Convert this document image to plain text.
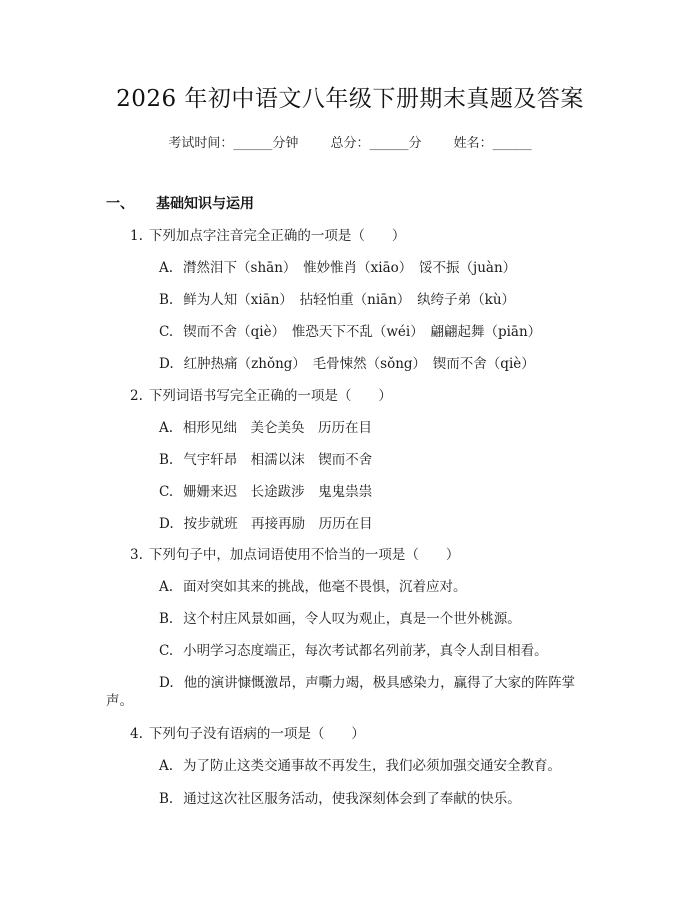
2026 年初中语文八年级下册期末真题及答案
考试时间：______分钟 总分：______分 姓名：______
一、 基础知识与运用
1. 下列加点字注音完全正确的一项是（　　）
A. 潸然泪下（shān）　惟妙惟肖（xiāo）　馁不振（juàn）
B. 鲜为人知（xiān）　拈轻怕重（niān）　纨绔子弟（kù）
C. 锲而不舍（qiè）　惟恐天下不乱（wéi）　翩翩起舞（piān）
D. 红肿热痛（zhǒng）　毛骨悚然（sǒng）　锲而不舍（qiè）
2. 下列词语书写完全正确的一项是（　　）
A. 相形见绌　美仑美奂　历历在目
B. 气宇轩昂　相濡以沫　锲而不舍
C. 姗姗来迟　长途跋涉　鬼鬼祟祟
D. 按步就班　再接再励　历历在目
3. 下列句子中，加点词语使用不恰当的一项是（　　）
A. 面对突如其来的挑战，他毫不畏惧，沉着应对。
B. 这个村庄风景如画，令人叹为观止，真是一个世外桃源。
C. 小明学习态度端正，每次考试都名列前茅，真令人刮目相看。
D. 他的演讲慷慨激昂，声嘶力竭，极具感染力，赢得了大家的阵阵掌
声。
4. 下列句子没有语病的一项是（　　）
A. 为了防止这类交通事故不再发生，我们必须加强交通安全教育。
B. 通过这次社区服务活动，使我深刻体会到了奉献的快乐。
